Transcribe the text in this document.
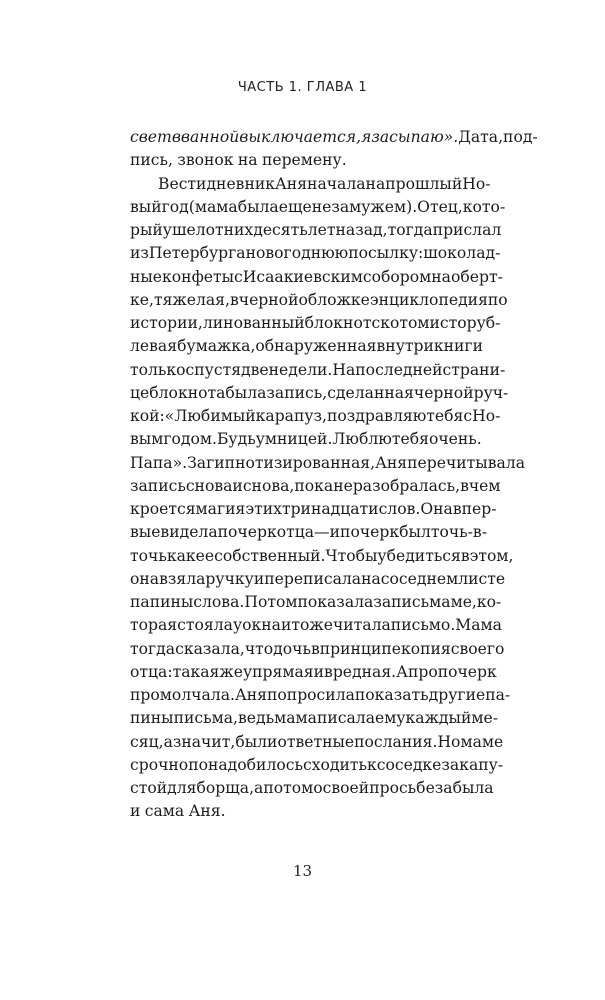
ЧАСТЬ 1. ГЛАВА 1
свет в ванной выключается, я засыпаю». Дата, под-
пись, звонок на перемену.
Вести дневник Аня начала на прошлый Но-
вый год (мама была еще не замужем). Отец, кото-
рый ушел от них десять лет назад, тогда прислал
из Петербурга новогоднюю посылку: шоколад-
ные конфеты с Исаакиевским собором на оберт-
ке, тяжелая, в черной обложке энциклопедия по
истории, линованный блокнот с котом и сторуб-
левая бумажка, обнаруженная внутри книги
только спустя две недели. На последней страни-
це блокнота была запись, сделанная черной руч-
кой: «Любимый карапуз, поздравляю тебя с Но-
вым годом. Будь умницей. Люблю тебя очень.
Папа». Загипнотизированная, Аня перечитывала
запись снова и снова, пока не разобралась, в чем
кроется магия этих тринадцати слов. Она впер-
вые видела почерк отца — и почерк был точь-в-
точь как ее собственный. Чтобы убедиться в этом,
она взяла ручку и переписала на соседнем листе
папины слова. Потом показала запись маме, ко-
торая стояла у окна и тоже читала письмо. Мама
тогда сказала, что дочь в принципе копия своего
отца: такая же упрямая и вредная. А про почерк
промолчала. Аня попросила показать другие па-
пины письма, ведь мама писала ему каждый ме-
сяц, а значит, были ответные послания. Но маме
срочно понадобилось сходить к соседке за капу-
стой для борща, а потом о своей просьбе забыла
и сама Аня.
13
